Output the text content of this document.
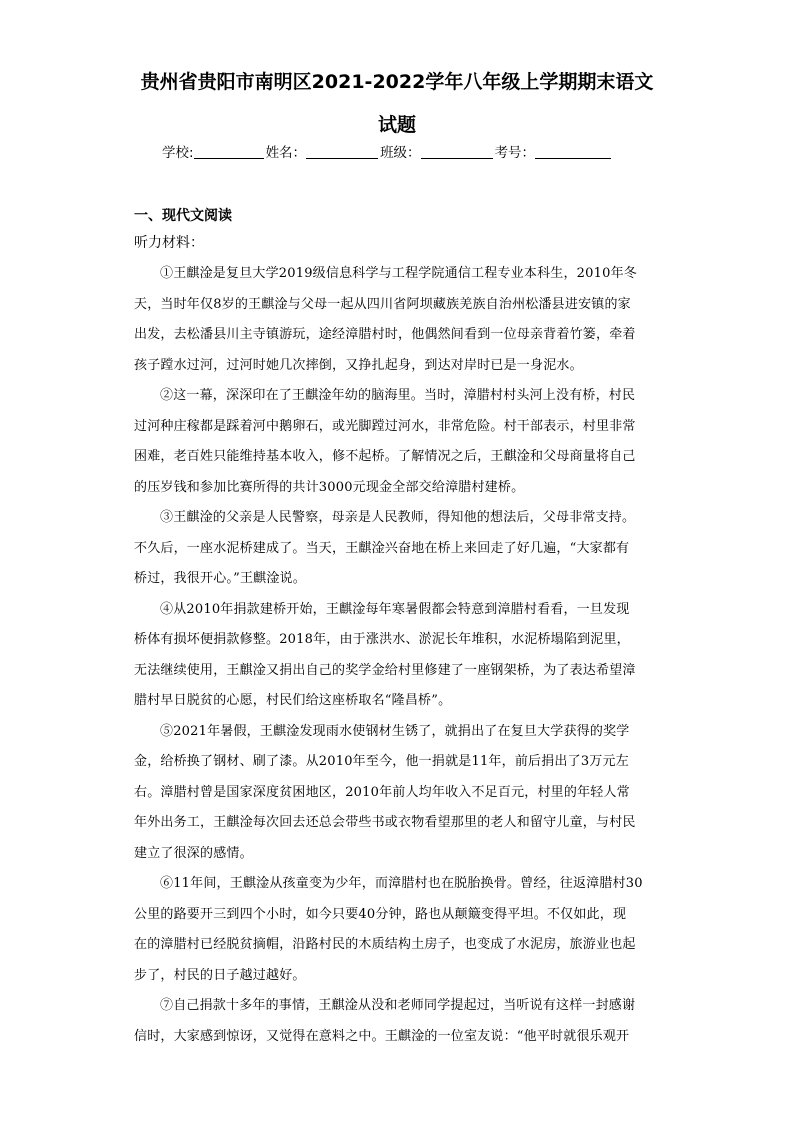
贵州省贵阳市南明区2021-2022学年八年级上学期期末语文
试题
学校:	姓名：	班级：	考号：
一、现代文阅读
听力材料：
①王麒淦是复旦大学2019级信息科学与工程学院通信工程专业本科生，2010年冬
天，当时年仅8岁的王麒淦与父母一起从四川省阿坝藏族羌族自治州松潘县进安镇的家
出发，去松潘县川主寺镇游玩，途经漳腊村时，他偶然间看到一位母亲背着竹篓，牵着
孩子蹚水过河，过河时她几次摔倒，又挣扎起身，到达对岸时已是一身泥水。
②这一幕，深深印在了王麒淦年幼的脑海里。当时，漳腊村村头河上没有桥，村民
过河种庄稼都是踩着河中鹅卵石，或光脚蹚过河水，非常危险。村干部表示，村里非常
困难，老百姓只能维持基本收入，修不起桥。了解情况之后，王麒淦和父母商量将自己
的压岁钱和参加比赛所得的共计3000元现金全部交给漳腊村建桥。
③王麒淦的父亲是人民警察，母亲是人民教师，得知他的想法后，父母非常支持。
不久后，一座水泥桥建成了。当天，王麒淦兴奋地在桥上来回走了好几遍，“大家都有
桥过，我很开心。”王麒淦说。
④从2010年捐款建桥开始，王麒淦每年寒暑假都会特意到漳腊村看看，一旦发现
桥体有损坏便捐款修整。2018年，由于涨洪水、淤泥长年堆积，水泥桥塌陷到泥里，
无法继续使用，王麒淦又捐出自己的奖学金给村里修建了一座钢架桥，为了表达希望漳
腊村早日脱贫的心愿，村民们给这座桥取名“隆昌桥”。
⑤2021年暑假，王麒淦发现雨水使钢材生锈了，就捐出了在复旦大学获得的奖学
金，给桥换了钢材、刷了漆。从2010年至今，他一捐就是11年，前后捐出了3万元左
右。漳腊村曾是国家深度贫困地区，2010年前人均年收入不足百元，村里的年轻人常
年外出务工，王麒淦每次回去还总会带些书或衣物看望那里的老人和留守儿童，与村民
建立了很深的感情。
⑥11年间，王麒淦从孩童变为少年，而漳腊村也在脱胎换骨。曾经，往返漳腊村30
公里的路要开三到四个小时，如今只要40分钟，路也从颠簸变得平坦。不仅如此，现
在的漳腊村已经脱贫摘帽，沿路村民的木质结构土房子，也变成了水泥房，旅游业也起
步了，村民的日子越过越好。
⑦自己捐款十多年的事情，王麒淦从没和老师同学提起过，当听说有这样一封感谢
信时，大家感到惊讶，又觉得在意料之中。王麒淦的一位室友说：“他平时就很乐观开
